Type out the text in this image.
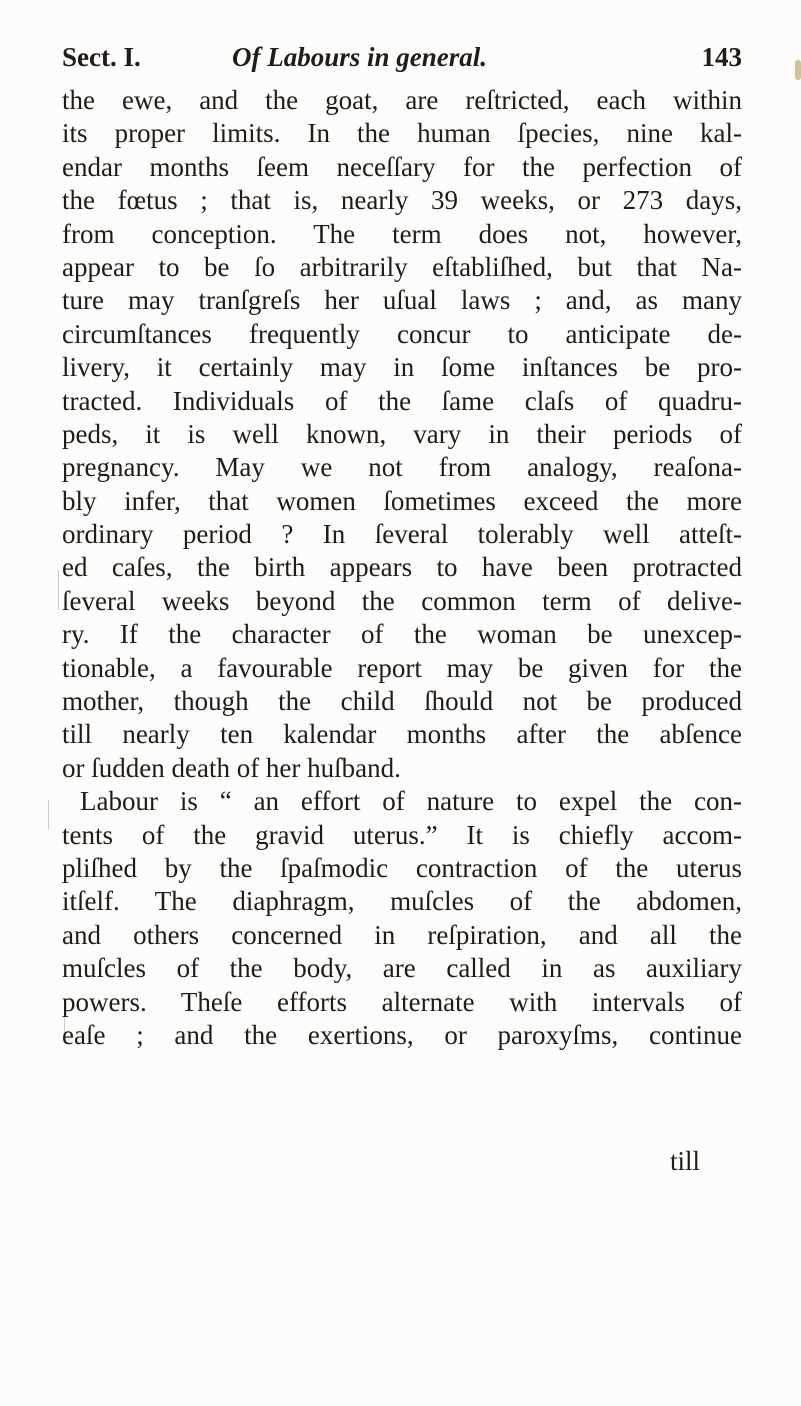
Sect. I.	Of Labours in general.	143
the ewe, and the goat, are reſtricted, each within
its proper limits. In the human ſpecies, nine kal-
endar months ſeem neceſſary for the perfection of
the fœtus ; that is, nearly 39 weeks, or 273 days,
from conception. The term does not, however,
appear to be ſo arbitrarily eſtabliſhed, but that Na-
ture may tranſgreſs her uſual laws ; and, as many
circumſtances frequently concur to anticipate de-
livery, it certainly may in ſome inſtances be pro-
tracted. Individuals of the ſame claſs of quadru-
peds, it is well known, vary in their periods of
pregnancy. May we not from analogy, reaſona-
bly infer, that women ſometimes exceed the more
ordinary period ? In ſeveral tolerably well atteſt-
ed caſes, the birth appears to have been protracted
ſeveral weeks beyond the common term of delive-
ry. If the character of the woman be unexcep-
tionable, a favourable report may be given for the
mother, though the child ſhould not be produced
till nearly ten kalendar months after the abſence
or ſudden death of her huſband.
Labour is “ an effort of nature to expel the con-
tents of the gravid uterus.” It is chiefly accom-
pliſhed by the ſpaſmodic contraction of the uterus
itſelf. The diaphragm, muſcles of the abdomen,
and others concerned in reſpiration, and all the
muſcles of the body, are called in as auxiliary
powers. Theſe efforts alternate with intervals of
eaſe ; and the exertions, or paroxyſms, continue
till
